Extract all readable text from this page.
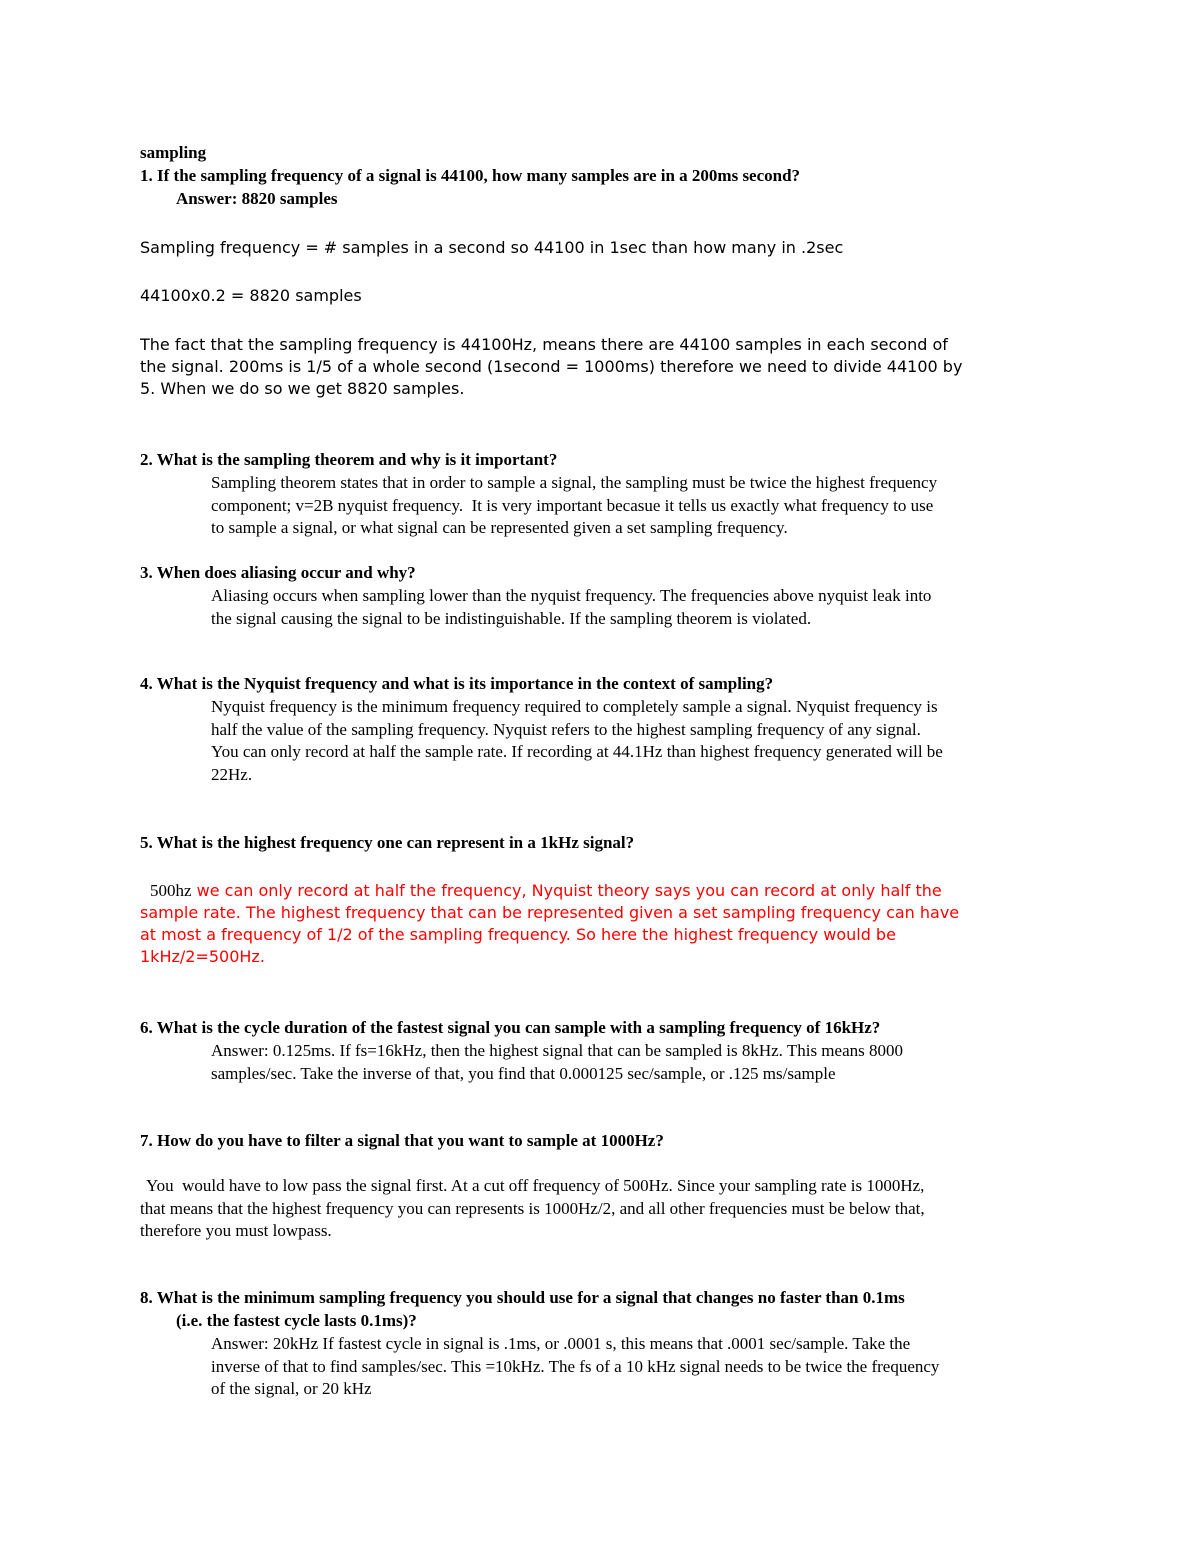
sampling
1. If the sampling frequency of a signal is 44100, how many samples are in a 200ms second?
Answer: 8820 samples
Sampling frequency = # samples in a second so 44100 in 1sec than how many in .2sec
44100x0.2 = 8820 samples
The fact that the sampling frequency is 44100Hz, means there are 44100 samples in each second of
the signal. 200ms is 1/5 of a whole second (1second = 1000ms) therefore we need to divide 44100 by
5. When we do so we get 8820 samples.
2. What is the sampling theorem and why is it important?
Sampling theorem states that in order to sample a signal, the sampling must be twice the highest frequency
component; v=2B nyquist frequency.  It is very important becasue it tells us exactly what frequency to use
to sample a signal, or what signal can be represented given a set sampling frequency.
3. When does aliasing occur and why?
Aliasing occurs when sampling lower than the nyquist frequency. The frequencies above nyquist leak into
the signal causing the signal to be indistinguishable. If the sampling theorem is violated.
4. What is the Nyquist frequency and what is its importance in the context of sampling?
Nyquist frequency is the minimum frequency required to completely sample a signal. Nyquist frequency is
half the value of the sampling frequency. Nyquist refers to the highest sampling frequency of any signal.
You can only record at half the sample rate. If recording at 44.1Hz than highest frequency generated will be
22Hz.
5. What is the highest frequency one can represent in a 1kHz signal?
500hz we can only record at half the frequency, Nyquist theory says you can record at only half the
sample rate. The highest frequency that can be represented given a set sampling frequency can have
at most a frequency of 1/2 of the sampling frequency. So here the highest frequency would be
1kHz/2=500Hz.
6. What is the cycle duration of the fastest signal you can sample with a sampling frequency of 16kHz?
Answer: 0.125ms. If fs=16kHz, then the highest signal that can be sampled is 8kHz. This means 8000
samples/sec. Take the inverse of that, you find that 0.000125 sec/sample, or .125 ms/sample
7. How do you have to filter a signal that you want to sample at 1000Hz?
You  would have to low pass the signal first. At a cut off frequency of 500Hz. Since your sampling rate is 1000Hz,
that means that the highest frequency you can represents is 1000Hz/2, and all other frequencies must be below that,
therefore you must lowpass.
8. What is the minimum sampling frequency you should use for a signal that changes no faster than 0.1ms
(i.e. the fastest cycle lasts 0.1ms)?
Answer: 20kHz If fastest cycle in signal is .1ms, or .0001 s, this means that .0001 sec/sample. Take the
inverse of that to find samples/sec. This =10kHz. The fs of a 10 kHz signal needs to be twice the frequency
of the signal, or 20 kHz
